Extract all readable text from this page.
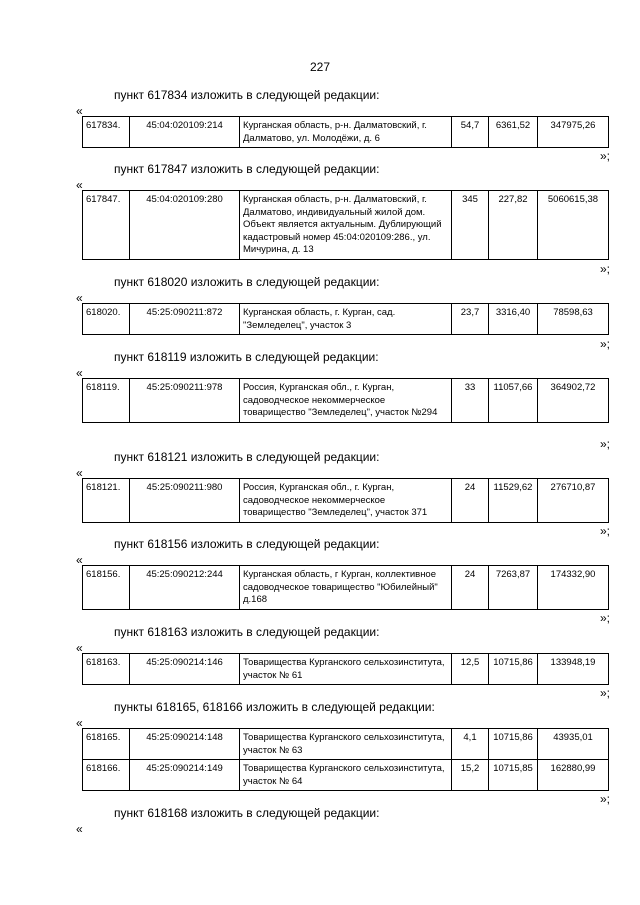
227
пункт 617834 изложить в следующей редакции:
«
617834.	45:04:020109:214	Курганская область, р-н. Далматовский, г. Далматово, ул. Молодёжи, д. 6	54,7	6361,52	347975,26
»;
пункт 617847 изложить в следующей редакции:
«
617847.	45:04:020109:280	Курганская область, р-н. Далматовский, г. Далматово, индивидуальный жилой дом. Объект является актуальным. Дублирующий кадастровый номер 45:04:020109:286., ул. Мичурина, д. 13	345	227,82	5060615,38
»;
пункт 618020 изложить в следующей редакции:
«
618020.	45:25:090211:872	Курганская область, г. Курган, сад. "Земледелец", участок 3	23,7	3316,40	78598,63
»;
пункт 618119 изложить в следующей редакции:
«
618119.	45:25:090211:978	Россия, Курганская обл., г. Курган, садоводческое некоммерческое товарищество "Земледелец", участок №294	33	11057,66	364902,72
»;
пункт 618121 изложить в следующей редакции:
«
618121.	45:25:090211:980	Россия, Курганская обл., г. Курган, садоводческое некоммерческое товарищество "Земледелец", участок 371	24	11529,62	276710,87
»;
пункт 618156 изложить в следующей редакции:
«
618156.	45:25:090212:244	Курганская область, г Курган, коллективное садоводческое товарищество "Юбилейный" д.168	24	7263,87	174332,90
»;
пункт 618163 изложить в следующей редакции:
«
618163.	45:25:090214:146	Товарищества Курганского сельхозинститута, участок № 61	12,5	10715,86	133948,19
»;
пункты 618165, 618166 изложить в следующей редакции:
«
618165.	45:25:090214:148	Товарищества Курганского сельхозинститута, участок № 63	4,1	10715,86	43935,01
618166.	45:25:090214:149	Товарищества Курганского сельхозинститута, участок № 64	15,2	10715,85	162880,99
»;
пункт 618168 изложить в следующей редакции:
«
